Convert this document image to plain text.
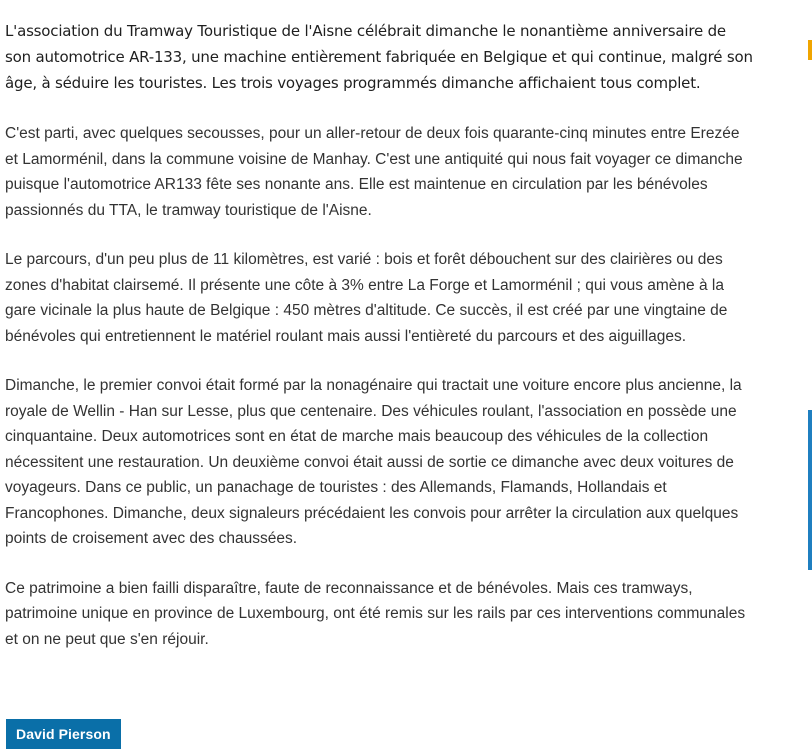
L'association du Tramway Touristique de l'Aisne célébrait dimanche le nonantième anniversaire de son automotrice AR-133, une machine entièrement fabriquée en Belgique et qui continue, malgré son âge, à séduire les touristes. Les trois voyages programmés dimanche affichaient tous complet.

C'est parti, avec quelques secousses, pour un aller-retour de deux fois quarante-cinq minutes entre Erezée et Lamorménil, dans la commune voisine de Manhay. C'est une antiquité qui nous fait voyager ce dimanche puisque l'automotrice AR133 fête ses nonante ans. Elle est maintenue en circulation par les bénévoles passionnés du TTA, le tramway touristique de l'Aisne.

Le parcours, d'un peu plus de 11 kilomètres, est varié : bois et forêt débouchent sur des clairières ou des zones d'habitat clairsemé. Il présente une côte à 3% entre La Forge et Lamorménil ; qui vous amène à la gare vicinale la plus haute de Belgique : 450 mètres d'altitude. Ce succès, il est créé par une vingtaine de bénévoles qui entretiennent le matériel roulant mais aussi l'entièreté du parcours et des aiguillages.

Dimanche, le premier convoi était formé par la nonagénaire qui tractait une voiture encore plus ancienne, la royale de Wellin - Han sur Lesse, plus que centenaire. Des véhicules roulant, l'association en possède une cinquantaine. Deux automotrices sont en état de marche mais beaucoup des véhicules de la collection nécessitent une restauration. Un deuxième convoi était aussi de sortie ce dimanche avec deux voitures de voyageurs. Dans ce public, un panachage de touristes : des Allemands, Flamands, Hollandais et Francophones. Dimanche, deux signaleurs précédaient les convois pour arrêter la circulation aux quelques points de croisement avec des chaussées.

Ce patrimoine a bien failli disparaître, faute de reconnaissance et de bénévoles. Mais ces tramways, patrimoine unique en province de Luxembourg, ont été remis sur les rails par ces interventions communales et on ne peut que s'en réjouir.

David Pierson
